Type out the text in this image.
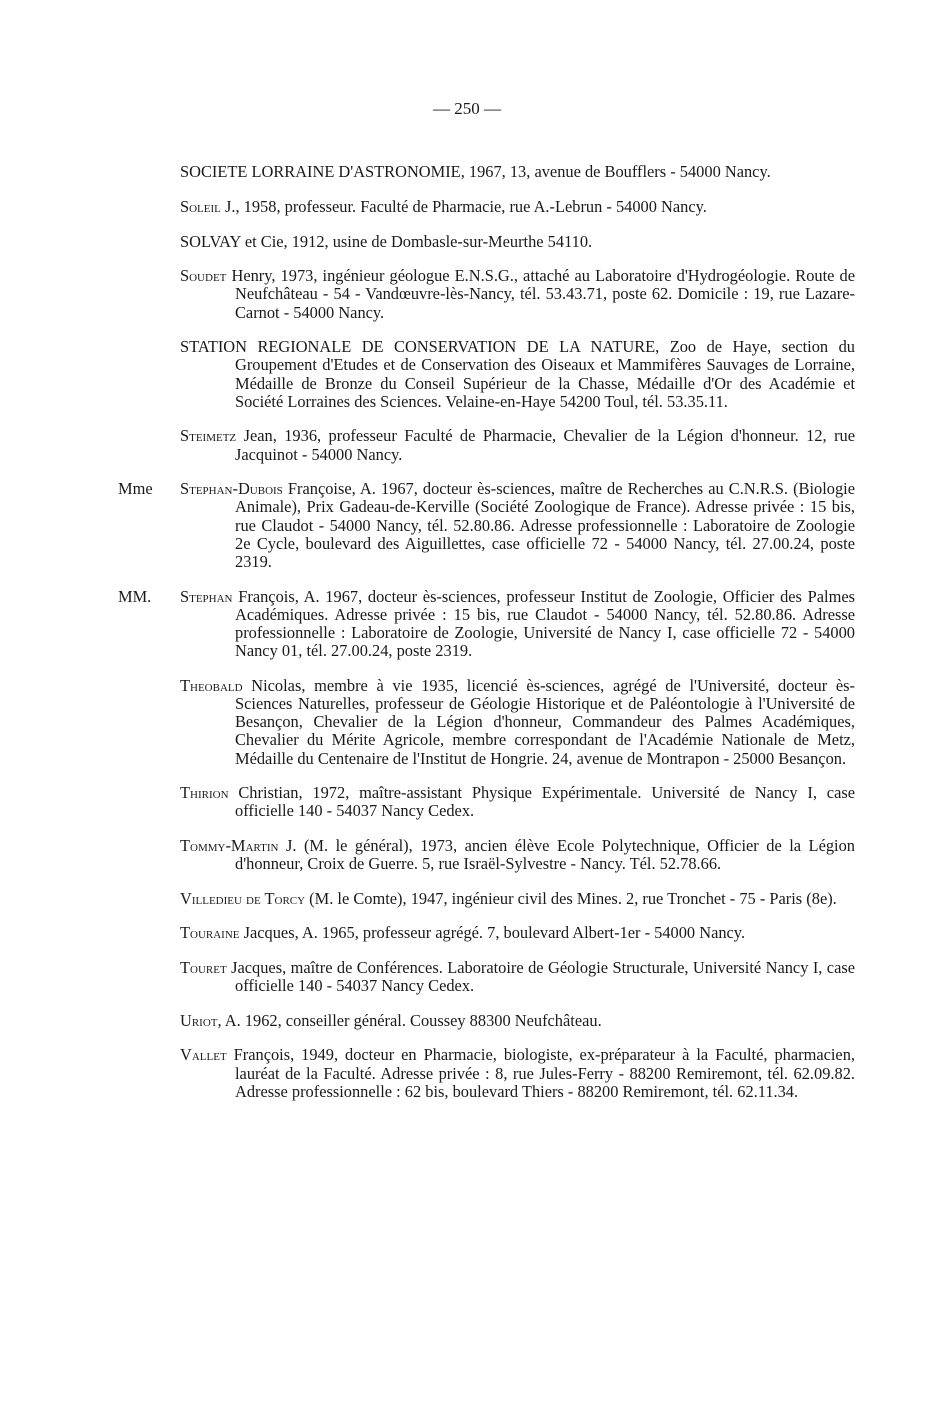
— 250 —

SOCIETE LORRAINE D'ASTRONOMIE, 1967, 13, avenue de Boufflers - 54000 Nancy.

Soleil J., 1958, professeur. Faculté de Pharmacie, rue A.-Lebrun - 54000 Nancy.

SOLVAY et Cie, 1912, usine de Dombasle-sur-Meurthe 54110.

Soudet Henry, 1973, ingénieur géologue E.N.S.G., attaché au Laboratoire d'Hydrogéologie. Route de Neufchâteau - 54 - Vandœuvre-lès-Nancy, tél. 53.43.71, poste 62. Domicile : 19, rue Lazare-Carnot - 54000 Nancy.

STATION REGIONALE DE CONSERVATION DE LA NATURE, Zoo de Haye, section du Groupement d'Etudes et de Conservation des Oiseaux et Mammifères Sauvages de Lorraine, Médaille de Bronze du Conseil Supérieur de la Chasse, Médaille d'Or des Académie et Société Lorraines des Sciences. Velaine-en-Haye 54200 Toul, tél. 53.35.11.

Steimetz Jean, 1936, professeur Faculté de Pharmacie, Chevalier de la Légion d'honneur. 12, rue Jacquinot - 54000 Nancy.

Mme	Stephan-Dubois Françoise, A. 1967, docteur ès-sciences, maître de Recherches au C.N.R.S. (Biologie Animale), Prix Gadeau-de-Kerville (Société Zoologique de France). Adresse privée : 15 bis, rue Claudot - 54000 Nancy, tél. 52.80.86. Adresse professionnelle : Laboratoire de Zoologie 2e Cycle, boulevard des Aiguillettes, case officielle 72 - 54000 Nancy, tél. 27.00.24, poste 2319.

MM.	Stephan François, A. 1967, docteur ès-sciences, professeur Institut de Zoologie, Officier des Palmes Académiques. Adresse privée : 15 bis, rue Claudot - 54000 Nancy, tél. 52.80.86. Adresse professionnelle : Laboratoire de Zoologie, Université de Nancy I, case officielle 72 - 54000 Nancy 01, tél. 27.00.24, poste 2319.

Theobald Nicolas, membre à vie 1935, licencié ès-sciences, agrégé de l'Université, docteur ès-Sciences Naturelles, professeur de Géologie Historique et de Paléontologie à l'Université de Besançon, Chevalier de la Légion d'honneur, Commandeur des Palmes Académiques, Chevalier du Mérite Agricole, membre correspondant de l'Académie Nationale de Metz, Médaille du Centenaire de l'Institut de Hongrie. 24, avenue de Montrapon - 25000 Besançon.

Thirion Christian, 1972, maître-assistant Physique Expérimentale. Université de Nancy I, case officielle 140 - 54037 Nancy Cedex.

Tommy-Martin J. (M. le général), 1973, ancien élève Ecole Polytechnique, Officier de la Légion d'honneur, Croix de Guerre. 5, rue Israël-Sylvestre - Nancy. Tél. 52.78.66.

Villedieu de Torcy (M. le Comte), 1947, ingénieur civil des Mines. 2, rue Tronchet - 75 - Paris (8e).

Touraine Jacques, A. 1965, professeur agrégé. 7, boulevard Albert-1er - 54000 Nancy.

Touret Jacques, maître de Conférences. Laboratoire de Géologie Structurale, Université Nancy I, case officielle 140 - 54037 Nancy Cedex.

Uriot, A. 1962, conseiller général. Coussey 88300 Neufchâteau.

Vallet François, 1949, docteur en Pharmacie, biologiste, ex-préparateur à la Faculté, pharmacien, lauréat de la Faculté. Adresse privée : 8, rue Jules-Ferry - 88200 Remiremont, tél. 62.09.82. Adresse professionnelle : 62 bis, boulevard Thiers - 88200 Remiremont, tél. 62.11.34.
